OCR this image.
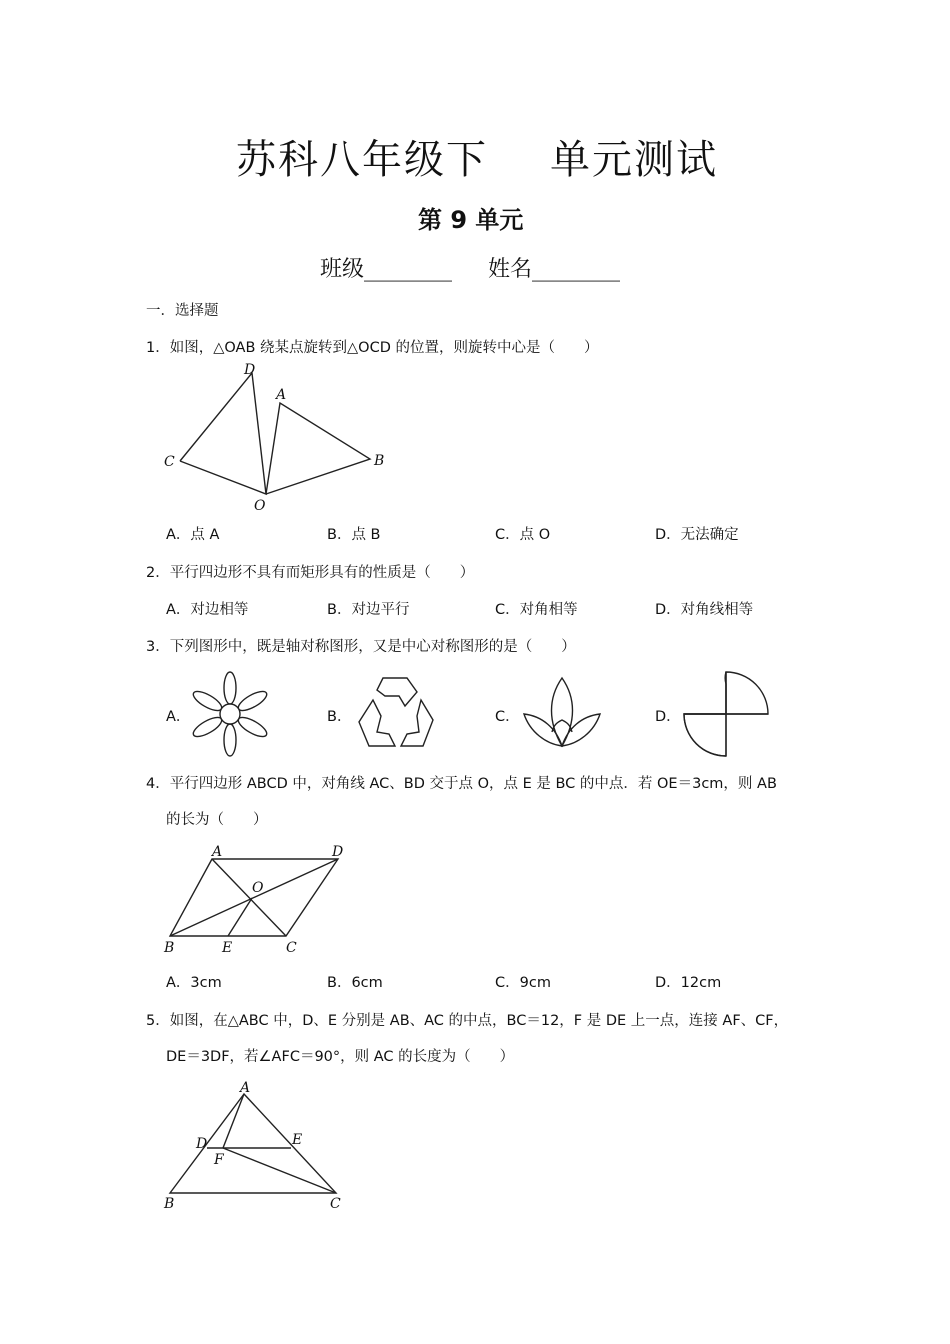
苏科八年级下 单元测试
第 9 单元
班级________ 姓名________
一．选择题
1．如图，△OAB 绕某点旋转到△OCD 的位置，则旋转中心是（　　）
D
A
C	B
O
A．点 A	B．点 B	C．点 O	D．无法确定
2．平行四边形不具有而矩形具有的性质是（　　）
A．对边相等	B．对边平行	C．对角相等	D．对角线相等
3．下列图形中，既是轴对称图形，又是中心对称图形的是（　　）
A．	B．	C．	D．
4．平行四边形 ABCD 中，对角线 AC、BD 交于点 O，点 E 是 BC 的中点．若 OE＝3cm，则 AB
的长为（　　）
A	D
O
B	E	C
A．3cm	B．6cm	C．9cm	D．12cm
5．如图，在△ABC 中，D、E 分别是 AB、AC 的中点，BC＝12，F 是 DE 上一点，连接 AF、CF，
DE＝3DF，若∠AFC＝90°，则 AC 的长度为（　　）
A
D	E
F
B	C
